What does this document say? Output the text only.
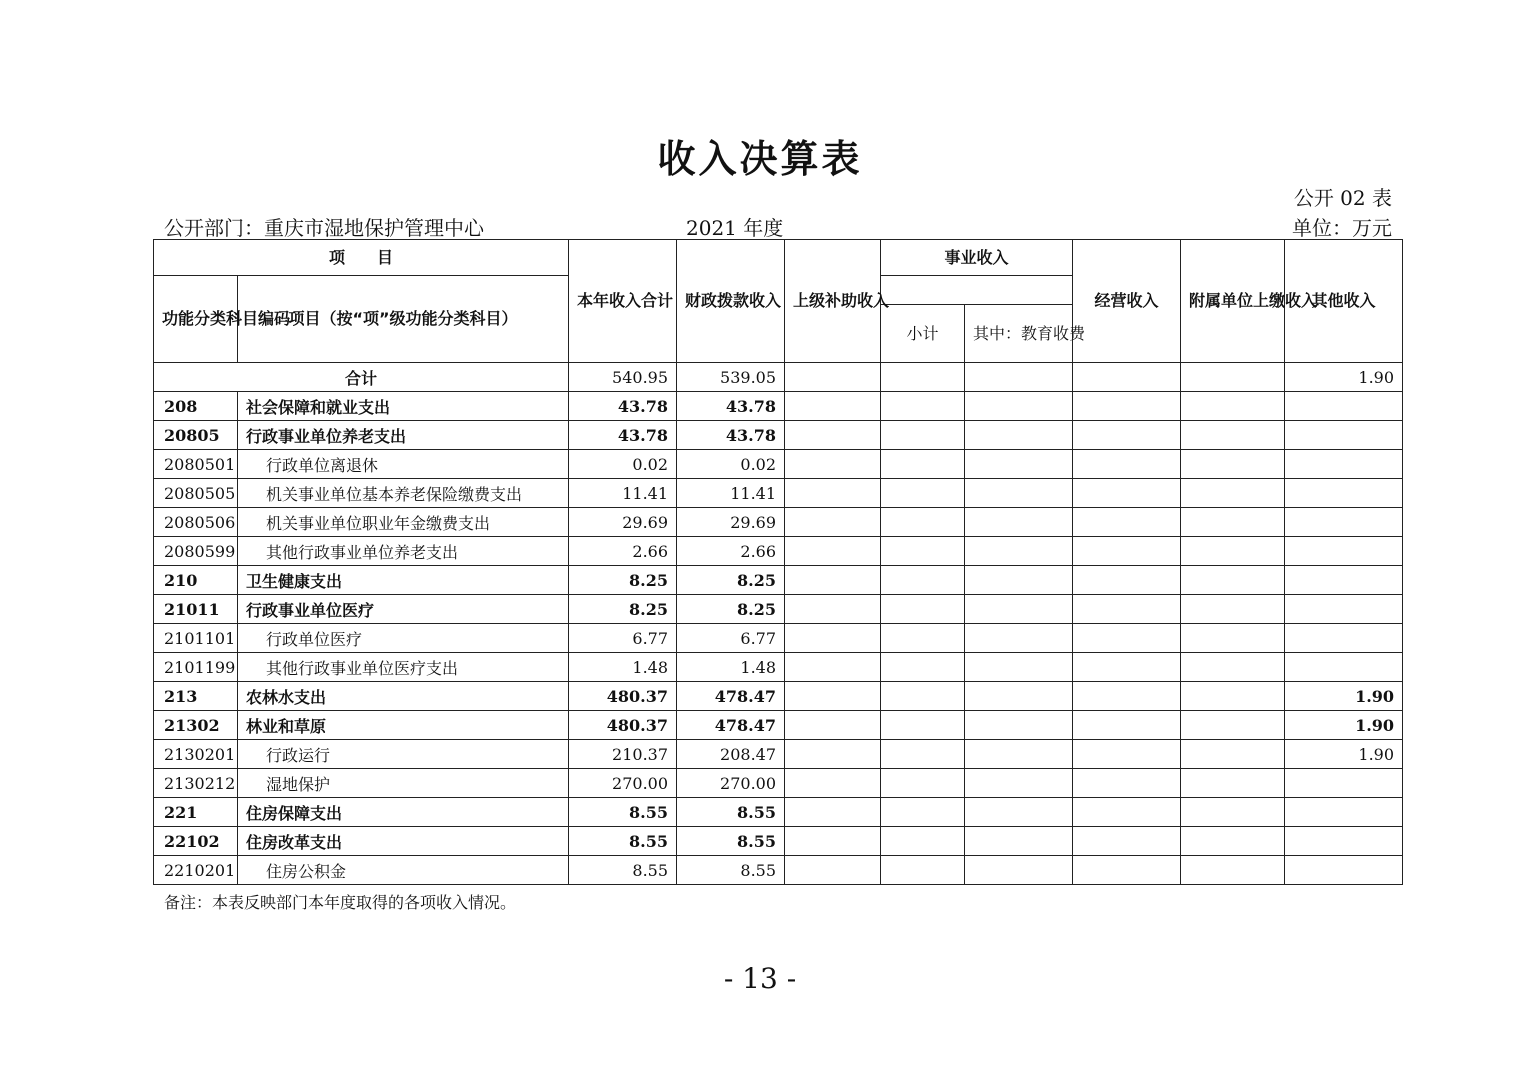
收入决算表
公开 02 表
公开部门：重庆市湿地保护管理中心	2021 年度	单位：万元
项　　目		本年收入合计	财政拨款收入	上级补助收入	事业收入		经营收入	附属单位上缴收入	其他收入
功能分类科目编码	项目（按“项”级功能分类科目）								
					小计	其中：教育收费			
合计		540.95	539.05						1.90
208	社会保障和就业支出	43.78	43.78						
20805	行政事业单位养老支出	43.78	43.78						
2080501	行政单位离退休	0.02	0.02						
2080505	机关事业单位基本养老保险缴费支出	11.41	11.41						
2080506	机关事业单位职业年金缴费支出	29.69	29.69						
2080599	其他行政事业单位养老支出	2.66	2.66						
210	卫生健康支出	8.25	8.25						
21011	行政事业单位医疗	8.25	8.25						
2101101	行政单位医疗	6.77	6.77						
2101199	其他行政事业单位医疗支出	1.48	1.48						
213	农林水支出	480.37	478.47						1.90
21302	林业和草原	480.37	478.47						1.90
2130201	行政运行	210.37	208.47						1.90
2130212	湿地保护	270.00	270.00						
221	住房保障支出	8.55	8.55						
22102	住房改革支出	8.55	8.55						
2210201	住房公积金	8.55	8.55						
备注：本表反映部门本年度取得的各项收入情况。
- 13 -
